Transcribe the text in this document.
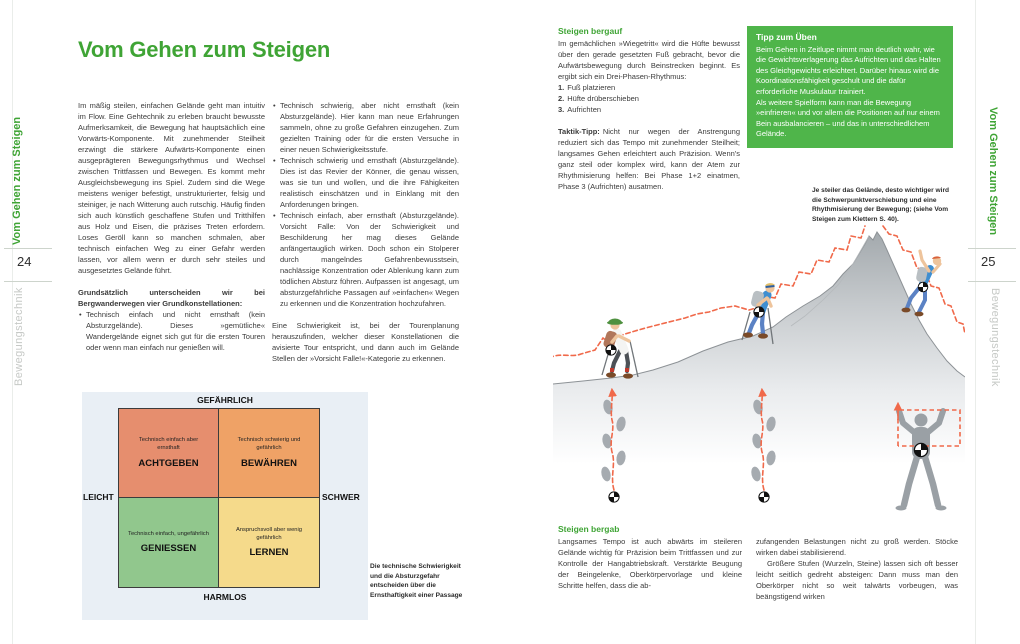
Vom Gehen zum Steigen
24
Bewegungstechnik
Vom Gehen zum Steigen
25
Bewegungstechnik
Vom Gehen zum Steigen
Im mäßig steilen, einfachen Gelände geht man intuitiv im Flow. Eine Gehtechnik zu erleben braucht bewusste Aufmerksamkeit, die Bewegung hat hauptsächlich eine Vorwärts-Komponente. Mit zunehmender Steilheit erzwingt die stärkere Aufwärts-Komponente einen ausgeprägteren Bewegungsrhythmus und Wechsel zwischen Trittfassen und Bewegen. Es kommt mehr Ausgleichsbewegung ins Spiel. Zudem sind die Wege meistens weniger befestigt, unstrukturierter, felsig und steiniger, je nach Witterung auch rutschig. Häufig finden sich auch künstlich geschaffene Stufen und Tritthilfen aus Holz und Eisen, die präzises Treten erfordern. Loses Geröll kann so manchen schmalen, aber technisch einfachen Weg zu einer Gefahr werden lassen, vor allem wenn er durch sehr steiles und ausgesetztes Gelände führt.
Grundsätzlich unterscheiden wir bei Bergwanderwegen vier Grundkonstellationen:
• Technisch einfach und nicht ernsthaft (kein Absturzgelände). Dieses »gemütliche« Wandergelände eignet sich gut für die ersten Touren oder wenn man einfach nur genießen will.
• Technisch schwierig, aber nicht ernsthaft (kein Absturzgelände). Hier kann man neue Erfahrungen sammeln, ohne zu große Gefahren einzugehen. Zum gezielten Training oder für die ersten Versuche in einer neuen Schwierigkeitsstufe.
• Technisch schwierig und ernsthaft (Absturzgelände). Dies ist das Revier der Könner, die genau wissen, was sie tun und wollen, und die ihre Fähigkeiten realistisch einschätzen und in Einklang mit den Anforderungen bringen.
• Technisch einfach, aber ernsthaft (Absturzgelände). Vorsicht Falle: Von der Schwierigkeit und Beschilderung her mag dieses Gelände anfängertauglich wirken. Doch schon ein Stolperer durch mangelndes Gefahrenbewusstsein, nachlässige Konzentration oder Ablenkung kann zum tödlichen Absturz führen. Aufpassen ist angesagt, um absturzgefährliche Passagen auf »einfachen« Wegen zu erkennen und die Konzentration hochzufahren.
Eine Schwierigkeit ist, bei der Tourenplanung herauszufinden, welcher dieser Konstellationen die avisierte Tour entspricht, und dann auch im Gelände Stellen der »Vorsicht Falle!«-Kategorie zu erkennen.
GEFÄHRLICH
LEICHT	SCHWER
Technisch einfach aber ernsthaft
ACHTGEBEN
Technisch schwierig und gefährlich
BEWÄHREN
Technisch einfach, ungefährlich
GENIESSEN
Anspruchsvoll aber wenig gefährlich
LERNEN
HARMLOS
Die technische Schwierigkeit und die Absturzgefahr entscheiden über die Ernsthaftigkeit einer Passage
Steigen bergauf
Im gemächlichen »Wiegetritt« wird die Hüfte bewusst über den gerade gesetzten Fuß gebracht, bevor die Aufwärtsbewegung durch Beinstrecken beginnt. Es ergibt sich ein Drei-Phasen-Rhythmus:
1. Fuß platzieren
2. Hüfte drüberschieben
3. Aufrichten
Taktik-Tipp: Nicht nur wegen der Anstrengung reduziert sich das Tempo mit zunehmender Steilheit; langsames Gehen erleichtert auch Präzision. Wenn's ganz steil oder komplex wird, kann der Atem zur Rhythmisierung helfen: Bei Phase 1+2 einatmen, Phase 3 (Aufrichten) ausatmen.
Tipp zum Üben
Beim Gehen in Zeitlupe nimmt man deutlich wahr, wie die Gewichtsverlagerung das Aufrichten und das Halten des Gleichgewichts erleichtert. Darüber hinaus wird die Koordinationsfähigkeit geschult und die dafür erforderliche Muskulatur trainiert.
Als weitere Spielform kann man die Bewegung »einfrieren« und vor allem die Positionen auf nur einem Bein ausbalancieren – und das in unterschiedlichem Gelände.
Je steiler das Gelände, desto wichtiger wird die Schwerpunktverschiebung und eine Rhythmisierung der Bewegung; (siehe Vom Steigen zum Klettern S. 40).
Steigen bergab
Langsames Tempo ist auch abwärts im steileren Gelände wichtig für Präzision beim Trittfassen und zur Kontrolle der Hangabtriebskraft. Verstärkte Beugung der Beingelenke, Oberkörpervorlage und kleine Schritte helfen, dass die ab-
zufangenden Belastungen nicht zu groß werden. Stöcke wirken dabei stabilisierend.
Größere Stufen (Wurzeln, Steine) lassen sich oft besser leicht seitlich gedreht absteigen: Dann muss man den Oberkörper nicht so weit talwärts vorbeugen, was beängstigend wirken
